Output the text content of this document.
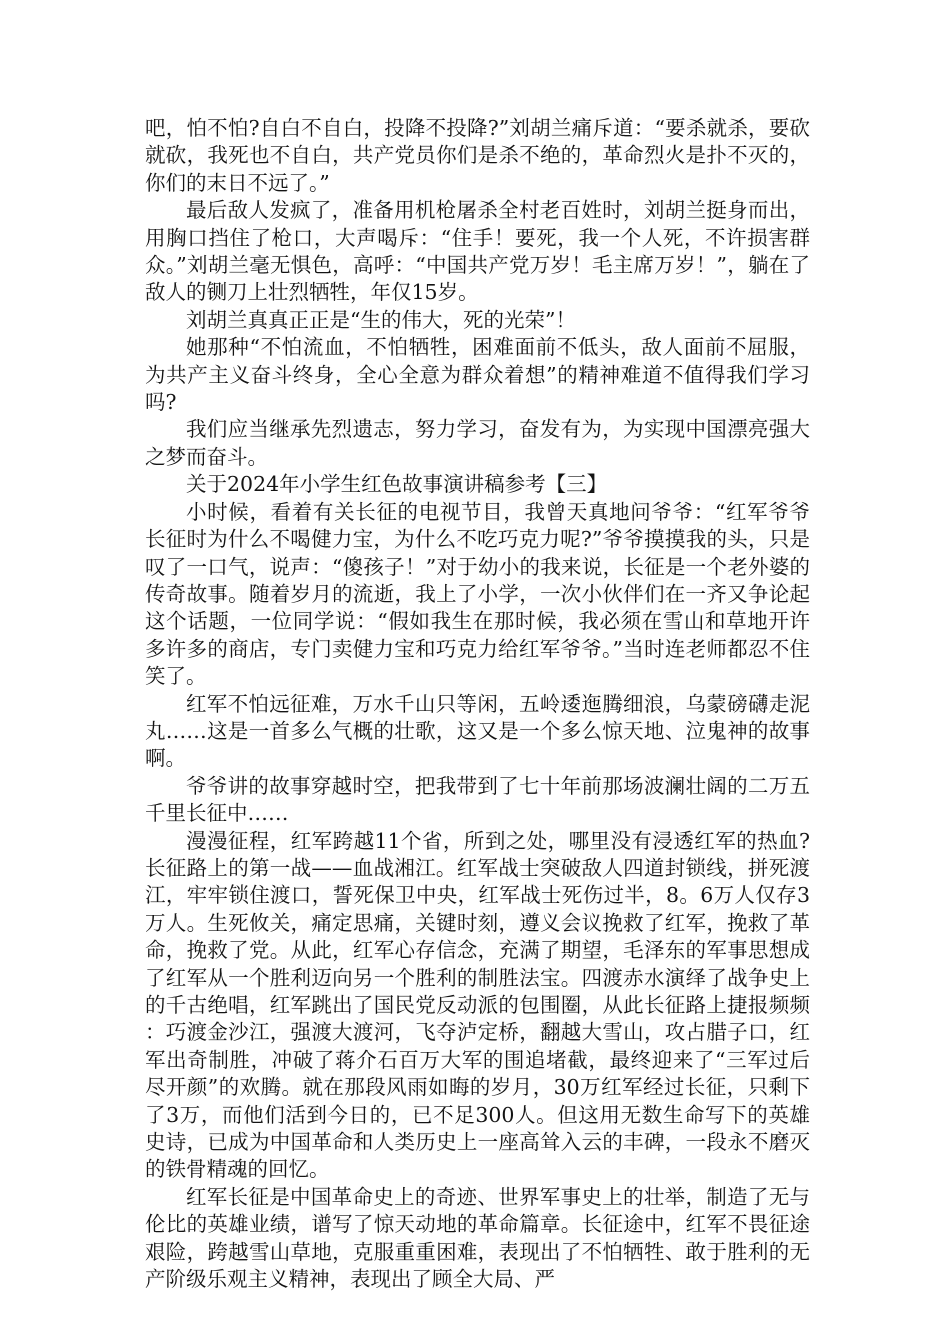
吧，怕不怕?自白不自白，投降不投降?”刘胡兰痛斥道：“要杀就杀，要砍就砍，我死也不自白，共产党员你们是杀不绝的，革命烈火是扑不灭的，你们的末日不远了。”

最后敌人发疯了，准备用机枪屠杀全村老百姓时，刘胡兰挺身而出，用胸口挡住了枪口，大声喝斥：“住手！要死，我一个人死，不许损害群众。”刘胡兰毫无惧色，高呼：“中国共产党万岁！毛主席万岁！”，躺在了敌人的铡刀上壮烈牺牲，年仅15岁。

刘胡兰真真正正是“生的伟大，死的光荣”！

她那种“不怕流血，不怕牺牲，困难面前不低头，敌人面前不屈服，为共产主义奋斗终身，全心全意为群众着想”的精神难道不值得我们学习吗?

我们应当继承先烈遗志，努力学习，奋发有为，为实现中国漂亮强大之梦而奋斗。

关于2024年小学生红色故事演讲稿参考【三】

小时候，看着有关长征的电视节目，我曾天真地问爷爷：“红军爷爷长征时为什么不喝健力宝，为什么不吃巧克力呢?”爷爷摸摸我的头，只是叹了一口气，说声：“傻孩子！”对于幼小的我来说，长征是一个老外婆的传奇故事。随着岁月的流逝，我上了小学，一次小伙伴们在一齐又争论起这个话题，一位同学说：“假如我生在那时候，我必须在雪山和草地开许多许多的商店，专门卖健力宝和巧克力给红军爷爷。”当时连老师都忍不住笑了。

红军不怕远征难，万水千山只等闲，五岭逶迤腾细浪，乌蒙磅礴走泥丸……这是一首多么气概的壮歌，这又是一个多么惊天地、泣鬼神的故事啊。

爷爷讲的故事穿越时空，把我带到了七十年前那场波澜壮阔的二万五千里长征中……

漫漫征程，红军跨越11个省，所到之处，哪里没有浸透红军的热血?长征路上的第一战——血战湘江。红军战士突破敌人四道封锁线，拼死渡江，牢牢锁住渡口，誓死保卫中央，红军战士死伤过半，8。6万人仅存3万人。生死攸关，痛定思痛，关键时刻，遵义会议挽救了红军，挽救了革命，挽救了党。从此，红军心存信念，充满了期望，毛泽东的军事思想成了红军从一个胜利迈向另一个胜利的制胜法宝。四渡赤水演绎了战争史上的千古绝唱，红军跳出了国民党反动派的包围圈，从此长征路上捷报频频：巧渡金沙江，强渡大渡河，飞夺泸定桥，翻越大雪山，攻占腊子口，红军出奇制胜，冲破了蒋介石百万大军的围追堵截，最终迎来了“三军过后尽开颜”的欢腾。就在那段风雨如晦的岁月，30万红军经过长征，只剩下了3万，而他们活到今日的，已不足300人。但这用无数生命写下的英雄史诗，已成为中国革命和人类历史上一座高耸入云的丰碑，一段永不磨灭的铁骨精魂的回忆。

红军长征是中国革命史上的奇迹、世界军事史上的壮举，制造了无与伦比的英雄业绩，谱写了惊天动地的革命篇章。长征途中，红军不畏征途艰险，跨越雪山草地，克服重重困难，表现出了不怕牺牲、敢于胜利的无产阶级乐观主义精神，表现出了顾全大局、严
